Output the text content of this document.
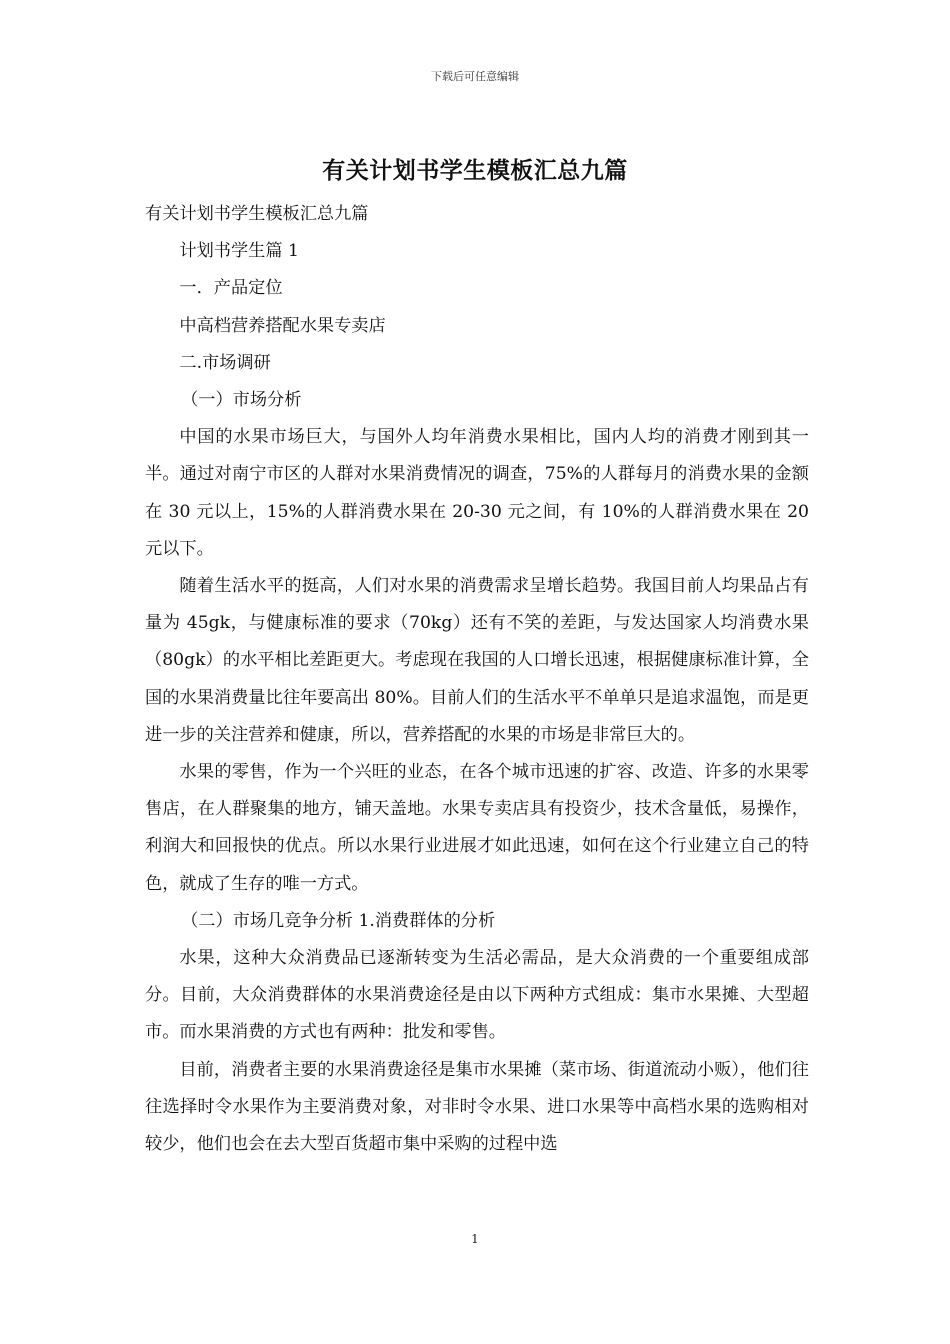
下载后可任意编辑
有关计划书学生模板汇总九篇

有关计划书学生模板汇总九篇

计划书学生篇 1

一．产品定位

中高档营养搭配水果专卖店

二.市场调研

（一）市场分析

中国的水果市场巨大，与国外人均年消费水果相比，国内人均的消费才刚到其一半。通过对南宁市区的人群对水果消费情况的调查，75%的人群每月的消费水果的金额在 30 元以上，15%的人群消费水果在 20-30 元之间，有 10%的人群消费水果在 20 元以下。

随着生活水平的挺高，人们对水果的消费需求呈增长趋势。我国目前人均果品占有量为 45gk，与健康标准的要求（70kg）还有不笑的差距，与发达国家人均消费水果（80gk）的水平相比差距更大。考虑现在我国的人口增长迅速，根据健康标准计算，全国的水果消费量比往年要高出 80%。目前人们的生活水平不单单只是追求温饱，而是更进一步的关注营养和健康，所以，营养搭配的水果的市场是非常巨大的。

水果的零售，作为一个兴旺的业态，在各个城市迅速的扩容、改造、许多的水果零售店，在人群聚集的地方，铺天盖地。水果专卖店具有投资少，技术含量低，易操作，利润大和回报快的优点。所以水果行业进展才如此迅速，如何在这个行业建立自己的特色，就成了生存的唯一方式。

（二）市场几竞争分析 1.消费群体的分析

水果，这种大众消费品已逐渐转变为生活必需品，是大众消费的一个重要组成部分。目前，大众消费群体的水果消费途径是由以下两种方式组成：集市水果摊、大型超市。而水果消费的方式也有两种：批发和零售。

目前，消费者主要的水果消费途径是集市水果摊（菜市场、街道流动小贩），他们往往选择时令水果作为主要消费对象，对非时令水果、进口水果等中高档水果的选购相对较少，他们也会在去大型百货超市集中采购的过程中选

1
